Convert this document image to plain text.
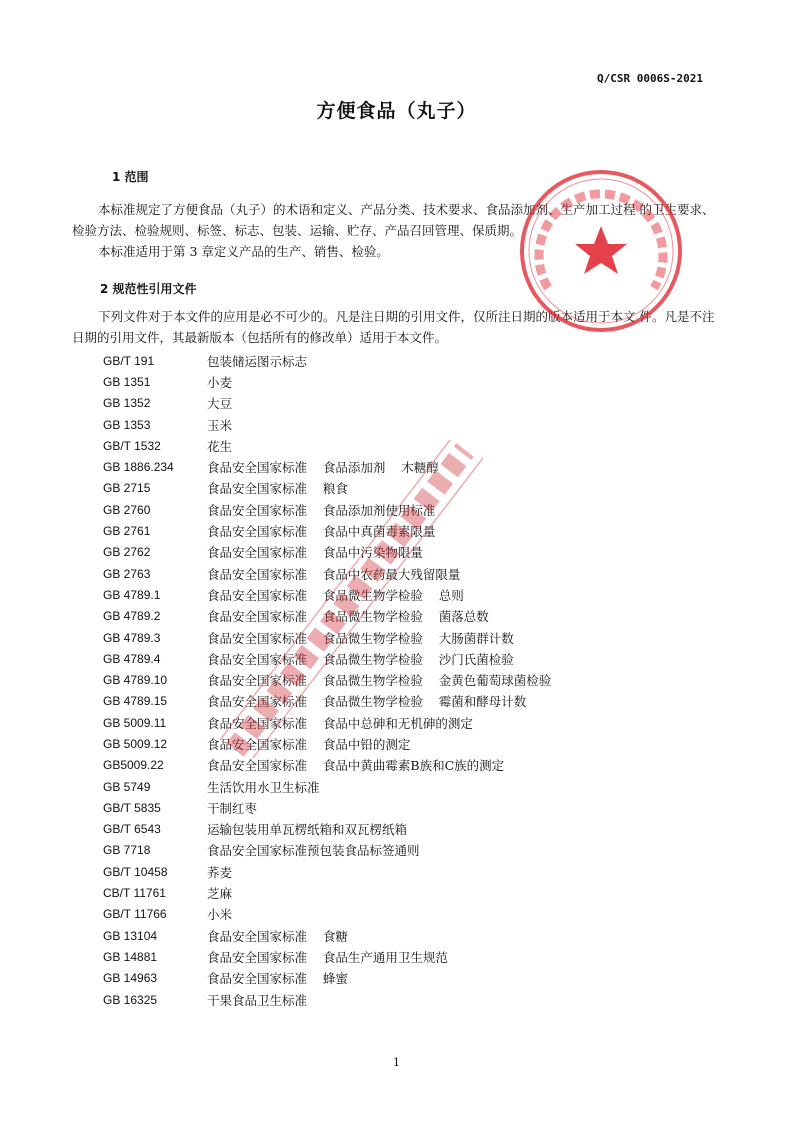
Q/CSR 0006S-2021
方便食品（丸子）
1 范围

本标准规定了方便食品（丸子）的术语和定义、产品分类、技术要求、食品添加剂、生产加工过程 的卫生要求、检验方法、检验规则、标签、标志、包装、运输、贮存、产品召回管理、保质期。

本标准适用于第 3 章定义产品的生产、销售、检验。

2 规范性引用文件

下列文件对于本文件的应用是必不可少的。凡是注日期的引用文件，仅所注日期的版本适用于本文 件。凡是不注日期的引用文件，其最新版本（包括所有的修改单）适用于本文件。

GB/T 191	包装储运图示标志
GB 1351	小麦
GB 1352	大豆
GB 1353	玉米
GB/T 1532	花生
GB 1886.234	食品安全国家标准    食品添加剂    木糖醇
GB 2715	食品安全国家标准    粮食
GB 2760	食品安全国家标准    食品添加剂使用标准
GB 2761	食品安全国家标准    食品中真菌毒素限量
GB 2762	食品安全国家标准    食品中污染物限量
GB 2763	食品安全国家标准    食品中农药最大残留限量
GB 4789.1	食品安全国家标准    食品微生物学检验    总则
GB 4789.2	食品安全国家标准    食品微生物学检验    菌落总数
GB 4789.3	食品安全国家标准    食品微生物学检验    大肠菌群计数
GB 4789.4	食品安全国家标准    食品微生物学检验    沙门氏菌检验
GB 4789.10	食品安全国家标准    食品微生物学检验    金黄色葡萄球菌检验
GB 4789.15	食品安全国家标准    食品微生物学检验    霉菌和酵母计数
GB 5009.11	食品安全国家标准    食品中总砷和无机砷的测定
GB 5009.12	食品安全国家标准    食品中铅的测定
GB5009.22	食品安全国家标准    食品中黄曲霉素B族和C族的测定
GB 5749	生活饮用水卫生标准
GB/T 5835	干制红枣
GB/T 6543	运输包装用单瓦楞纸箱和双瓦楞纸箱
GB 7718	食品安全国家标准预包装食品标签通则
GB/T 10458	荞麦
CB/T 11761	芝麻
GB/T 11766	小米
GB 13104	食品安全国家标准    食糖
GB 14881	食品安全国家标准    食品生产通用卫生规范
GB 14963	食品安全国家标准    蜂蜜
GB 16325	干果食品卫生标准
1
